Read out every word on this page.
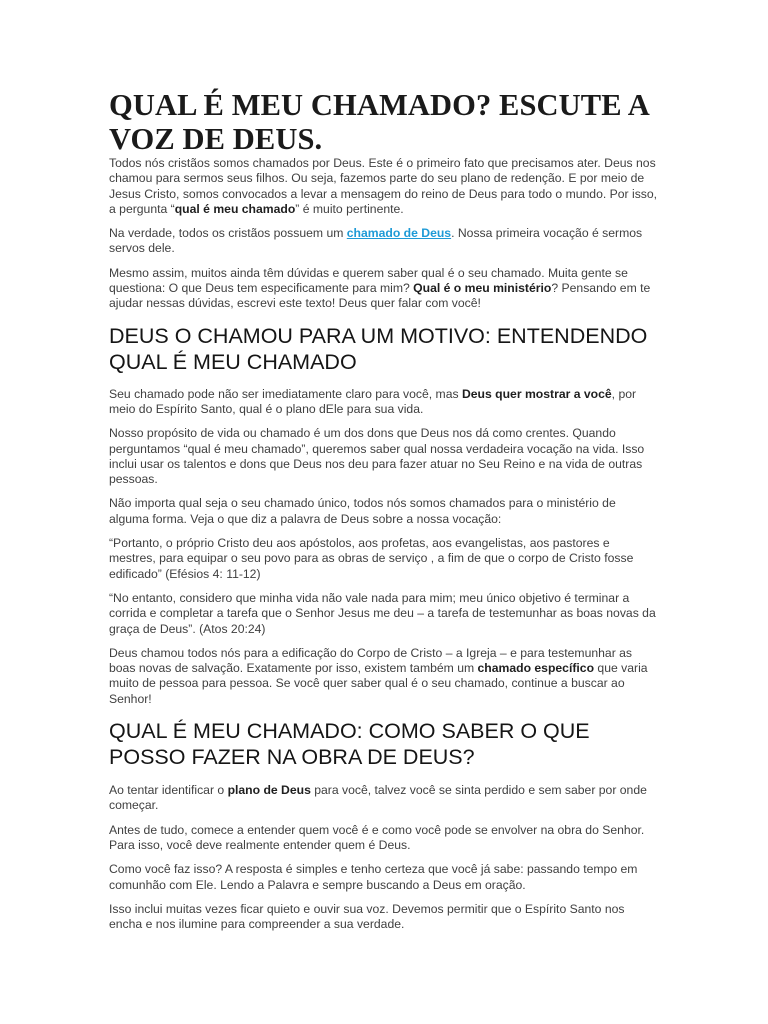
QUAL É MEU CHAMADO? ESCUTE A VOZ DE DEUS.

Todos nós cristãos somos chamados por Deus. Este é o primeiro fato que precisamos ater. Deus nos chamou para sermos seus filhos. Ou seja, fazemos parte do seu plano de redenção. E por meio de Jesus Cristo, somos convocados a levar a mensagem do reino de Deus para todo o mundo. Por isso, a pergunta “qual é meu chamado” é muito pertinente.

Na verdade, todos os cristãos possuem um chamado de Deus. Nossa primeira vocação é sermos servos dele.

Mesmo assim, muitos ainda têm dúvidas e querem saber qual é o seu chamado. Muita gente se questiona: O que Deus tem especificamente para mim? Qual é o meu ministério? Pensando em te ajudar nessas dúvidas, escrevi este texto! Deus quer falar com você!

DEUS O CHAMOU PARA UM MOTIVO: ENTENDENDO QUAL É MEU CHAMADO

Seu chamado pode não ser imediatamente claro para você, mas Deus quer mostrar a você, por meio do Espírito Santo, qual é o plano dEle para sua vida.

Nosso propósito de vida ou chamado é um dos dons que Deus nos dá como crentes. Quando perguntamos “qual é meu chamado”, queremos saber qual nossa verdadeira vocação na vida. Isso inclui usar os talentos e dons que Deus nos deu para fazer atuar no Seu Reino e na vida de outras pessoas.

Não importa qual seja o seu chamado único, todos nós somos chamados para o ministério de alguma forma. Veja o que diz a palavra de Deus sobre a nossa vocação:

“Portanto, o próprio Cristo deu aos apóstolos, aos profetas, aos evangelistas, aos pastores e mestres, para equipar o seu povo para as obras de serviço , a fim de que o corpo de Cristo fosse edificado” (Efésios 4: 11-12)

“No entanto, considero que minha vida não vale nada para mim; meu único objetivo é terminar a corrida e completar a tarefa que o Senhor Jesus me deu – a tarefa de testemunhar as boas novas da graça de Deus”. (Atos 20:24)

Deus chamou todos nós para a edificação do Corpo de Cristo – a Igreja – e para testemunhar as boas novas de salvação. Exatamente por isso, existem também um chamado específico que varia muito de pessoa para pessoa. Se você quer saber qual é o seu chamado, continue a buscar ao Senhor!

QUAL É MEU CHAMADO: COMO SABER O QUE POSSO FAZER NA OBRA DE DEUS?

Ao tentar identificar o plano de Deus para você, talvez você se sinta perdido e sem saber por onde começar.

Antes de tudo, comece a entender quem você é e como você pode se envolver na obra do Senhor. Para isso, você deve realmente entender quem é Deus.

Como você faz isso? A resposta é simples e tenho certeza que você já sabe: passando tempo em comunhão com Ele. Lendo a Palavra e sempre buscando a Deus em oração.

Isso inclui muitas vezes ficar quieto e ouvir sua voz. Devemos permitir que o Espírito Santo nos encha e nos ilumine para compreender a sua verdade.
